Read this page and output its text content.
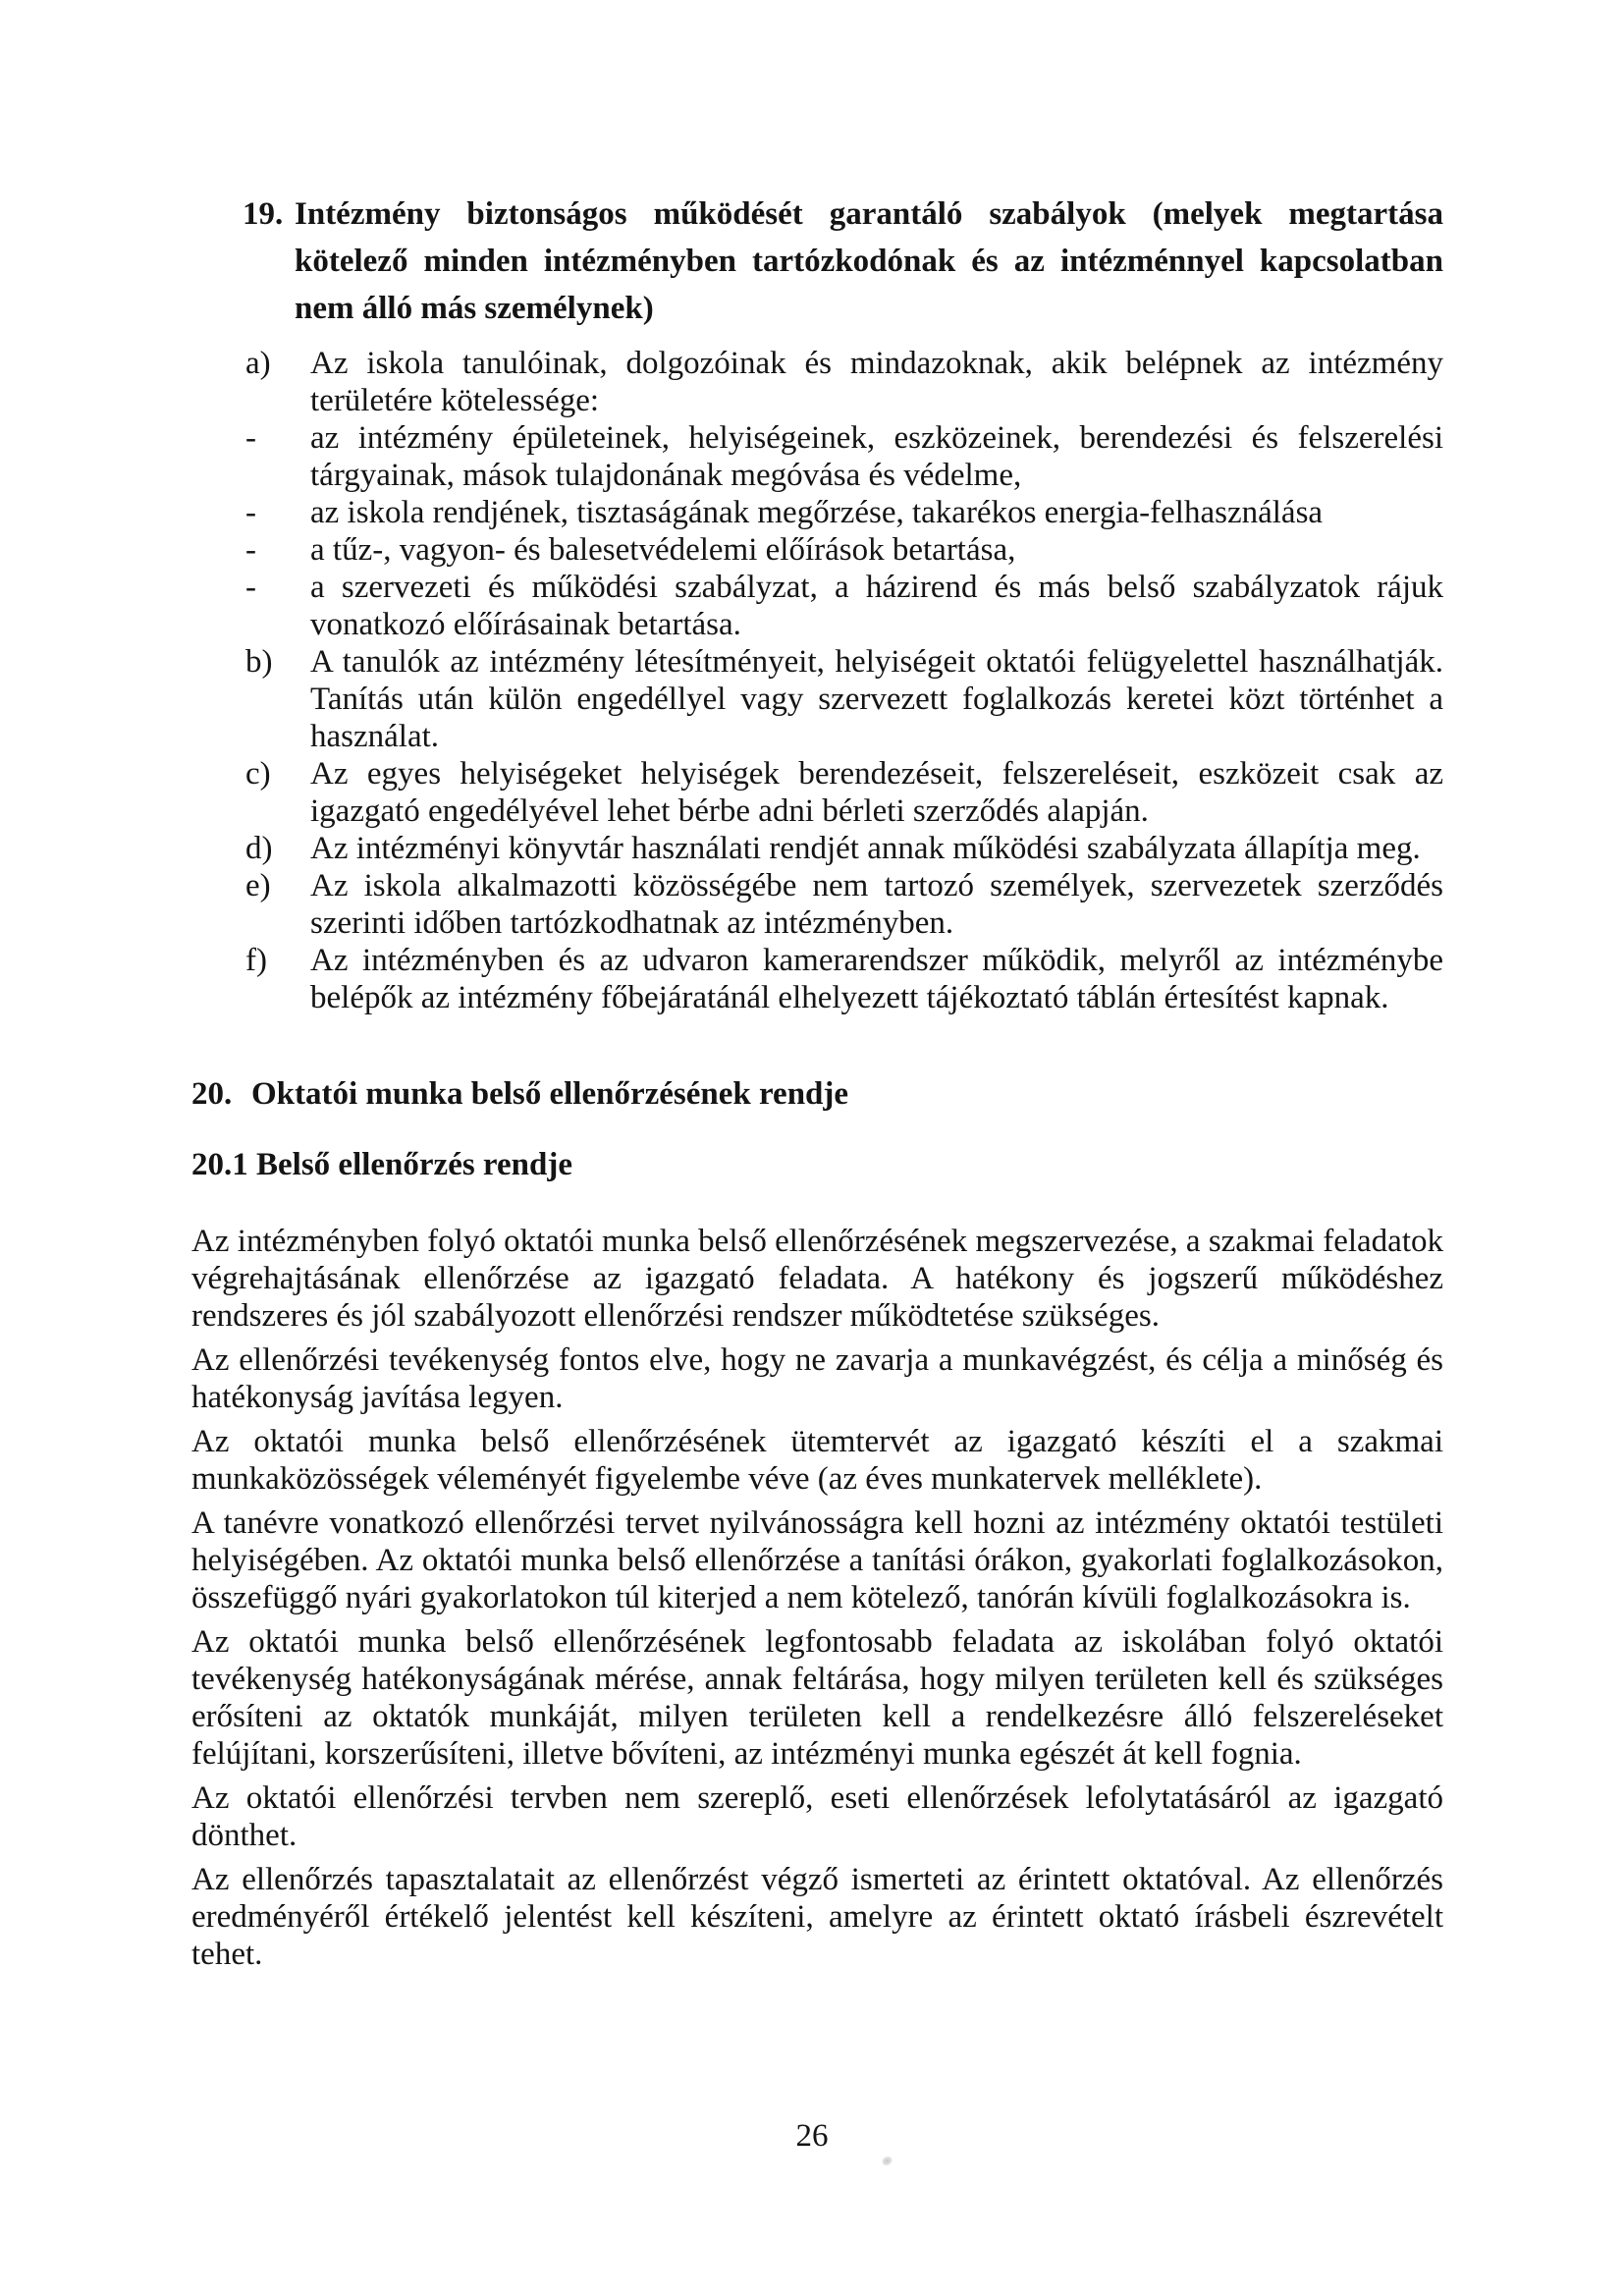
19. Intézmény biztonságos működését garantáló szabályok (melyek megtartása kötelező minden intézményben tartózkodónak és az intézménnyel kapcsolatban nem álló más személynek)
a)	Az iskola tanulóinak, dolgozóinak és mindazoknak, akik belépnek az intézmény területére kötelessége:
-	az intézmény épületeinek, helyiségeinek, eszközeinek, berendezési és felszerelési tárgyainak, mások tulajdonának megóvása és védelme,
-	az iskola rendjének, tisztaságának megőrzése, takarékos energia-felhasználása
-	a tűz-, vagyon- és balesetvédelemi előírások betartása,
-	a szervezeti és működési szabályzat, a házirend és más belső szabályzatok rájuk vonatkozó előírásainak betartása.
b)	A tanulók az intézmény létesítményeit, helyiségeit oktatói felügyelettel használhatják. Tanítás után külön engedéllyel vagy szervezett foglalkozás keretei közt történhet a használat.
c)	Az egyes helyiségeket helyiségek berendezéseit, felszereléseit, eszközeit csak az igazgató engedélyével lehet bérbe adni bérleti szerződés alapján.
d)	Az intézményi könyvtár használati rendjét annak működési szabályzata állapítja meg.
e)	Az iskola alkalmazotti közösségébe nem tartozó személyek, szervezetek szerződés szerinti időben tartózkodhatnak az intézményben.
f)	Az intézményben és az udvaron kamerarendszer működik, melyről az intézménybe belépők az intézmény főbejáratánál elhelyezett tájékoztató táblán értesítést kapnak.
20. Oktatói munka belső ellenőrzésének rendje
20.1 Belső ellenőrzés rendje

Az intézményben folyó oktatói munka belső ellenőrzésének megszervezése, a szakmai feladatok végrehajtásának ellenőrzése az igazgató feladata. A hatékony és jogszerű működéshez rendszeres és jól szabályozott ellenőrzési rendszer működtetése szükséges.

Az ellenőrzési tevékenység fontos elve, hogy ne zavarja a munkavégzést, és célja a minőség és hatékonyság javítása legyen.

Az oktatói munka belső ellenőrzésének ütemtervét az igazgató készíti el a szakmai munkaközösségek véleményét figyelembe véve (az éves munkatervek melléklete).

A tanévre vonatkozó ellenőrzési tervet nyilvánosságra kell hozni az intézmény oktatói testületi helyiségében. Az oktatói munka belső ellenőrzése a tanítási órákon, gyakorlati foglalkozásokon, összefüggő nyári gyakorlatokon túl kiterjed a nem kötelező, tanórán kívüli foglalkozásokra is.

Az oktatói munka belső ellenőrzésének legfontosabb feladata az iskolában folyó oktatói tevékenység hatékonyságának mérése, annak feltárása, hogy milyen területen kell és szükséges erősíteni az oktatók munkáját, milyen területen kell a rendelkezésre álló felszereléseket felújítani, korszerűsíteni, illetve bővíteni, az intézményi munka egészét át kell fognia.

Az oktatói ellenőrzési tervben nem szereplő, eseti ellenőrzések lefolytatásáról az igazgató dönthet.

Az ellenőrzés tapasztalatait az ellenőrzést végző ismerteti az érintett oktatóval. Az ellenőrzés eredményéről értékelő jelentést kell készíteni, amelyre az érintett oktató írásbeli észrevételt tehet.

26
